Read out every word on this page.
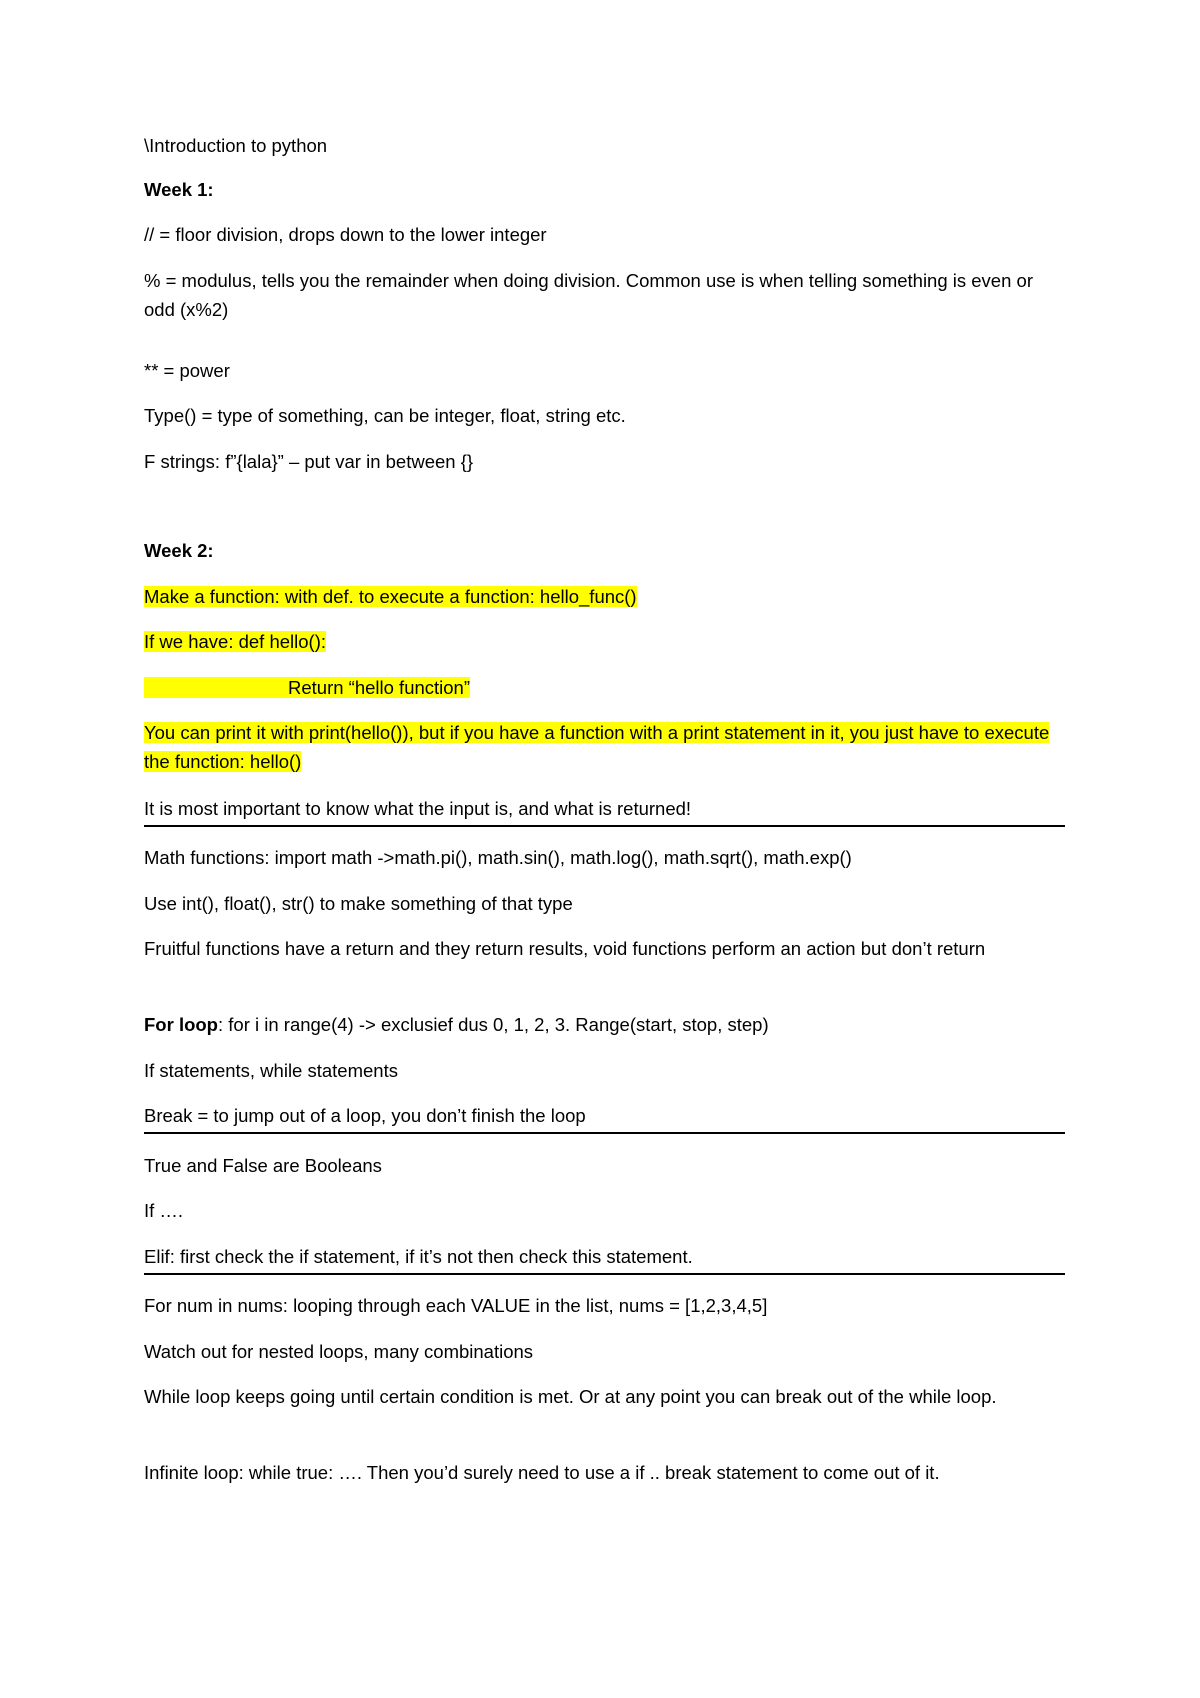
\Introduction to python
Week 1:
// = floor division, drops down to the lower integer
% = modulus, tells you the remainder when doing division. Common use is when telling something is even or odd (x%2)
** = power
Type() = type of something, can be integer, float, string etc.
F strings: f”{lala}” – put var in between {}
Week 2:
Make a function: with def. to execute a function: hello_func()
If we have: def hello():
Return “hello function”
You can print it with print(hello()), but if you have a function with a print statement in it, you just have to execute the function: hello()
It is most important to know what the input is, and what is returned!
Math functions: import math ->math.pi(), math.sin(), math.log(), math.sqrt(), math.exp()
Use int(), float(), str() to make something of that type
Fruitful functions have a return and they return results, void functions perform an action but don’t return
For loop: for i in range(4) -> exclusief dus 0, 1, 2, 3. Range(start, stop, step)
If statements, while statements
Break = to jump out of a loop, you don’t finish the loop
True and False are Booleans
If ….
Elif: first check the if statement, if it’s not then check this statement.
For num in nums: looping through each VALUE in the list, nums = [1,2,3,4,5]
Watch out for nested loops, many combinations
While loop keeps going until certain condition is met. Or at any point you can break out of the while loop.
Infinite loop: while true: …. Then you’d surely need to use a if .. break statement to come out of it.
